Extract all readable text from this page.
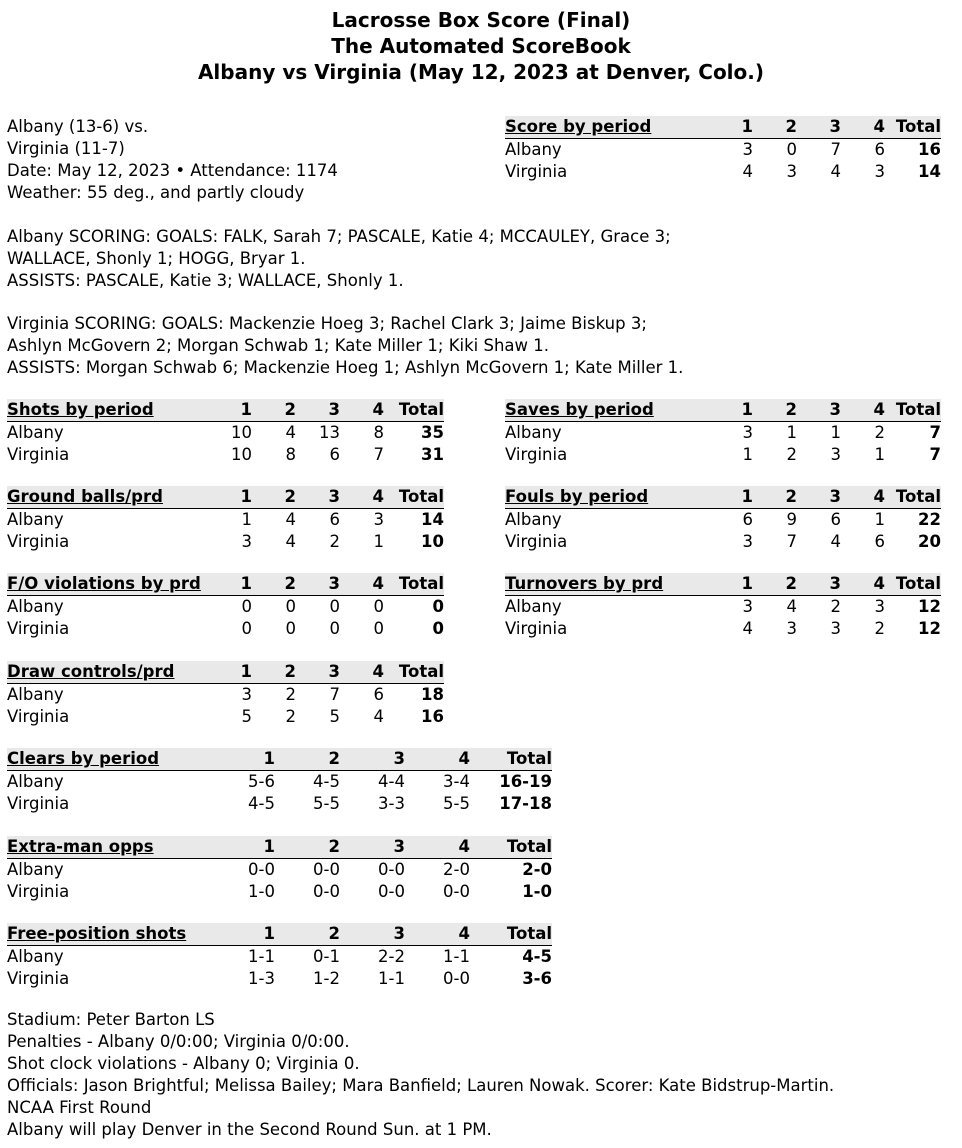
Lacrosse Box Score (Final)
The Automated ScoreBook
Albany vs Virginia (May 12, 2023 at Denver, Colo.)
Albany (13-6) vs.
Virginia (11-7)
Date: May 12, 2023 • Attendance: 1174
Weather: 55 deg., and partly cloudy
Albany SCORING: GOALS: FALK, Sarah 7; PASCALE, Katie 4; MCCAULEY, Grace 3;
WALLACE, Shonly 1; HOGG, Bryar 1.
ASSISTS: PASCALE, Katie 3; WALLACE, Shonly 1.
Virginia SCORING: GOALS: Mackenzie Hoeg 3; Rachel Clark 3; Jaime Biskup 3;
Ashlyn McGovern 2; Morgan Schwab 1; Kate Miller 1; Kiki Shaw 1.
ASSISTS: Morgan Schwab 6; Mackenzie Hoeg 1; Ashlyn McGovern 1; Kate Miller 1.
Score by period	1	2	3	4	Total
Albany	3	0	7	6	16
Virginia	4	3	4	3	14
Shots by period	1	2	3	4	Total
Albany	10	4	13	8	35
Virginia	10	8	6	7	31
Saves by period	1	2	3	4	Total
Albany	3	1	1	2	7
Virginia	1	2	3	1	7
Ground balls/prd	1	2	3	4	Total
Albany	1	4	6	3	14
Virginia	3	4	2	1	10
Fouls by period	1	2	3	4	Total
Albany	6	9	6	1	22
Virginia	3	7	4	6	20
F/O violations by prd	1	2	3	4	Total
Albany	0	0	0	0	0
Virginia	0	0	0	0	0
Turnovers by prd	1	2	3	4	Total
Albany	3	4	2	3	12
Virginia	4	3	3	2	12
Draw controls/prd	1	2	3	4	Total
Albany	3	2	7	6	18
Virginia	5	2	5	4	16
Clears by period	1	2	3	4	Total
Albany	5-6	4-5	4-4	3-4	16-19
Virginia	4-5	5-5	3-3	5-5	17-18
Extra-man opps	1	2	3	4	Total
Albany	0-0	0-0	0-0	2-0	2-0
Virginia	1-0	0-0	0-0	0-0	1-0
Free-position shots	1	2	3	4	Total
Albany	1-1	0-1	2-2	1-1	4-5
Virginia	1-3	1-2	1-1	0-0	3-6
Stadium: Peter Barton LS
Penalties - Albany 0/0:00; Virginia 0/0:00.
Shot clock violations - Albany 0; Virginia 0.
Officials: Jason Brightful; Melissa Bailey; Mara Banfield; Lauren Nowak. Scorer: Kate Bidstrup-Martin.
NCAA First Round
Albany will play Denver in the Second Round Sun. at 1 PM.
